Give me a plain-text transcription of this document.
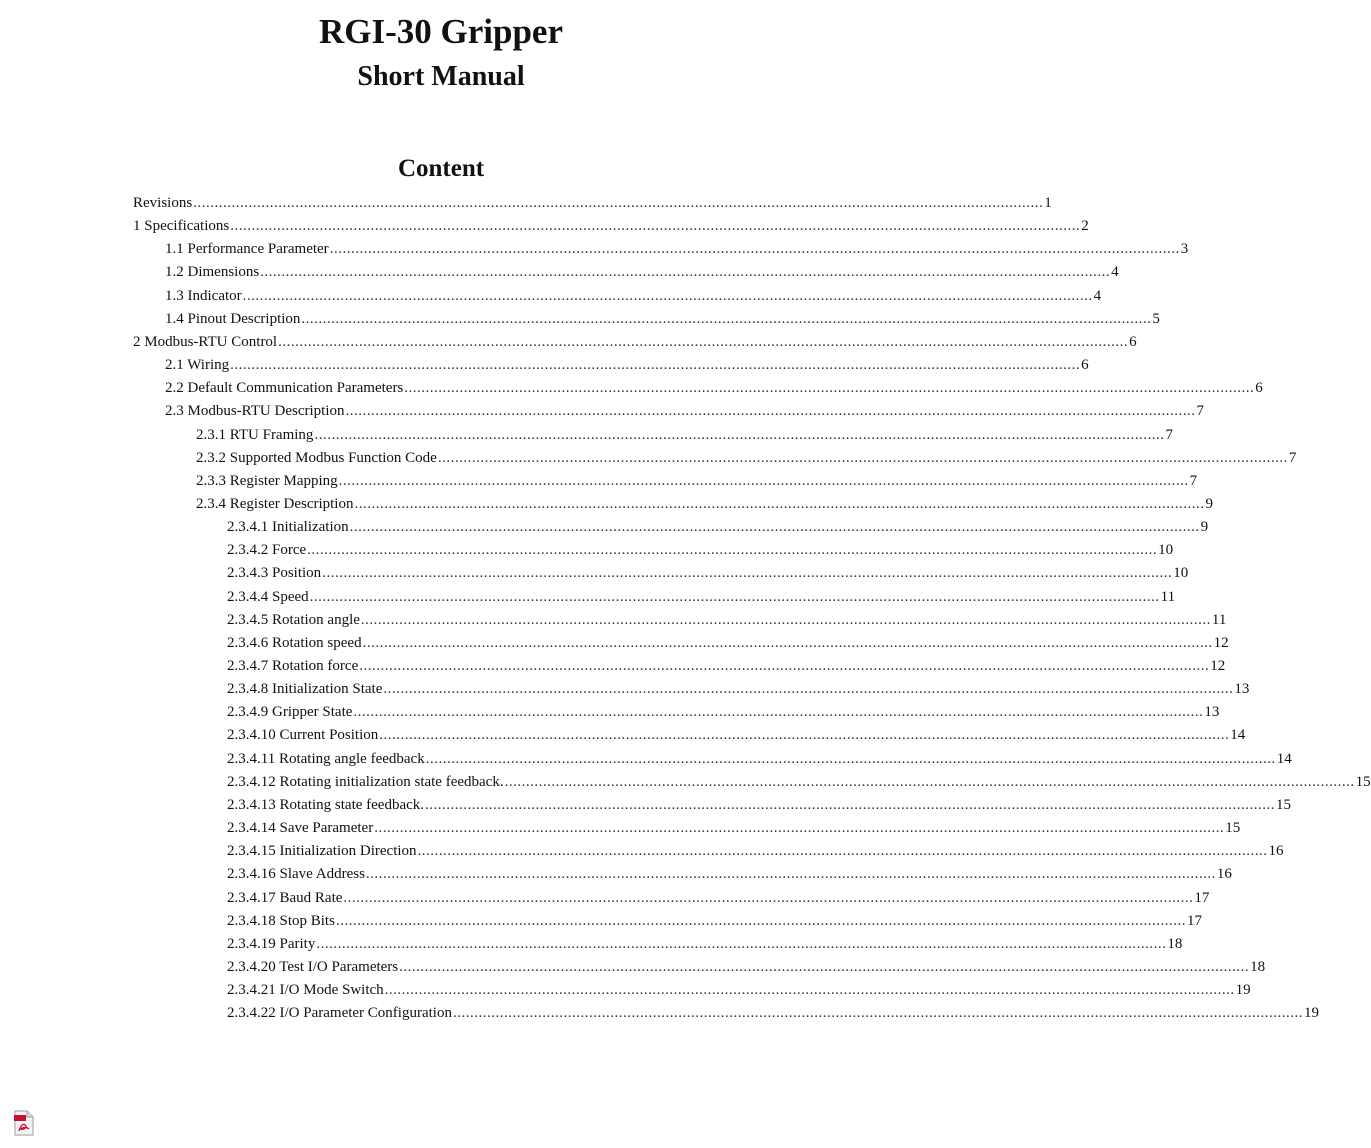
RGI-30 Gripper
Short Manual
Content
Revisions ........................................................................................................................................................................................................ 1
1 Specifications ........................................................................................................................................................................................................ 2
1.1 Performance Parameter ........................................................................................................................................................................................................ 3
1.2 Dimensions ........................................................................................................................................................................................................ 4
1.3 Indicator ........................................................................................................................................................................................................ 4
1.4 Pinout Description ........................................................................................................................................................................................................ 5
2 Modbus-RTU Control ........................................................................................................................................................................................................ 6
2.1 Wiring ........................................................................................................................................................................................................ 6
2.2 Default Communication Parameters ........................................................................................................................................................................................................ 6
2.3 Modbus-RTU Description ........................................................................................................................................................................................................ 7
2.3.1 RTU Framing ........................................................................................................................................................................................................ 7
2.3.2 Supported Modbus Function Code ........................................................................................................................................................................................................ 7
2.3.3 Register Mapping ........................................................................................................................................................................................................ 7
2.3.4 Register Description ........................................................................................................................................................................................................ 9
2.3.4.1 Initialization ........................................................................................................................................................................................................ 9
2.3.4.2 Force ........................................................................................................................................................................................................ 10
2.3.4.3 Position ........................................................................................................................................................................................................ 10
2.3.4.4 Speed ........................................................................................................................................................................................................ 11
2.3.4.5 Rotation angle ........................................................................................................................................................................................................ 11
2.3.4.6 Rotation speed ........................................................................................................................................................................................................ 12
2.3.4.7 Rotation force ........................................................................................................................................................................................................ 12
2.3.4.8 Initialization State ........................................................................................................................................................................................................ 13
2.3.4.9 Gripper State ........................................................................................................................................................................................................ 13
2.3.4.10 Current Position ........................................................................................................................................................................................................ 14
2.3.4.11 Rotating angle feedback ........................................................................................................................................................................................................ 14
2.3.4.12 Rotating initialization state feedback. ........................................................................................................................................................................................................ 15
2.3.4.13 Rotating state feedback. ........................................................................................................................................................................................................ 15
2.3.4.14 Save Parameter ........................................................................................................................................................................................................ 15
2.3.4.15 Initialization Direction ........................................................................................................................................................................................................ 16
2.3.4.16 Slave Address ........................................................................................................................................................................................................ 16
2.3.4.17 Baud Rate ........................................................................................................................................................................................................ 17
2.3.4.18 Stop Bits ........................................................................................................................................................................................................ 17
2.3.4.19 Parity ........................................................................................................................................................................................................ 18
2.3.4.20 Test I/O Parameters ........................................................................................................................................................................................................ 18
2.3.4.21 I/O Mode Switch ........................................................................................................................................................................................................ 19
2.3.4.22 I/O Parameter Configuration ........................................................................................................................................................................................................ 19
